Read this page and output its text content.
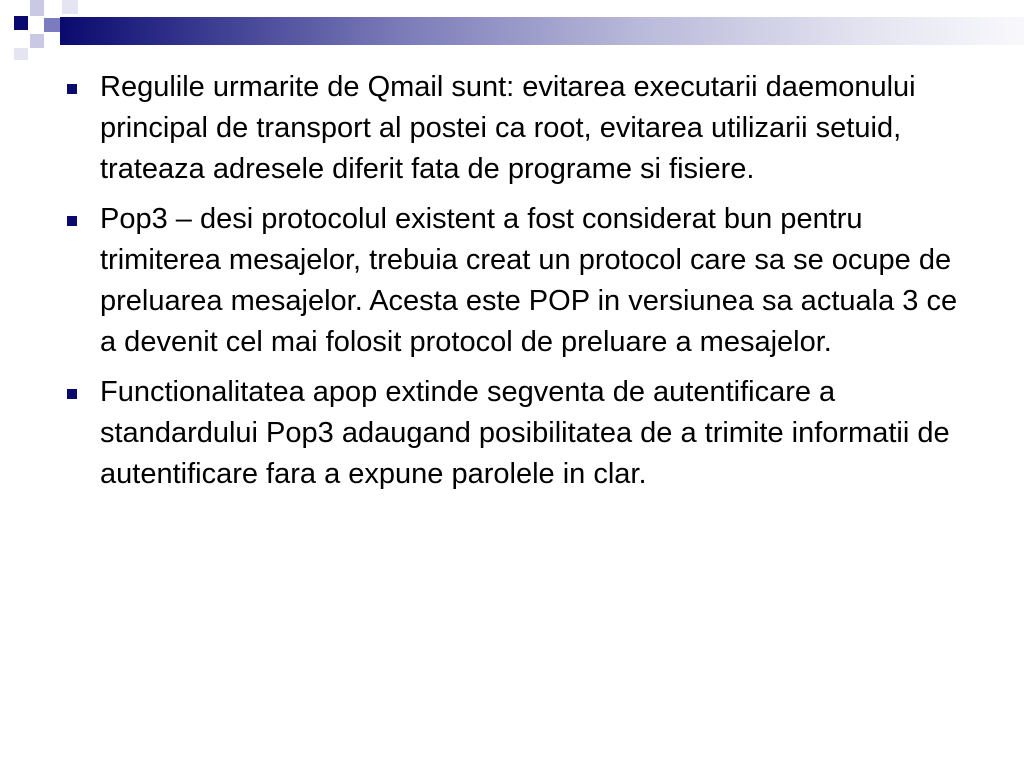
Regulile urmarite de Qmail sunt: evitarea executarii daemonului principal de transport al postei ca root, evitarea utilizarii setuid, trateaza adresele diferit fata de programe si fisiere.
Pop3 – desi protocolul existent a fost considerat bun pentru trimiterea mesajelor, trebuia creat un protocol care sa se ocupe de preluarea mesajelor. Acesta este POP in versiunea sa actuala 3 ce a devenit cel mai folosit protocol de preluare a mesajelor.
Functionalitatea apop extinde segventa de autentificare a standardului Pop3 adaugand posibilitatea de a trimite informatii de autentificare fara a expune parolele in clar.
